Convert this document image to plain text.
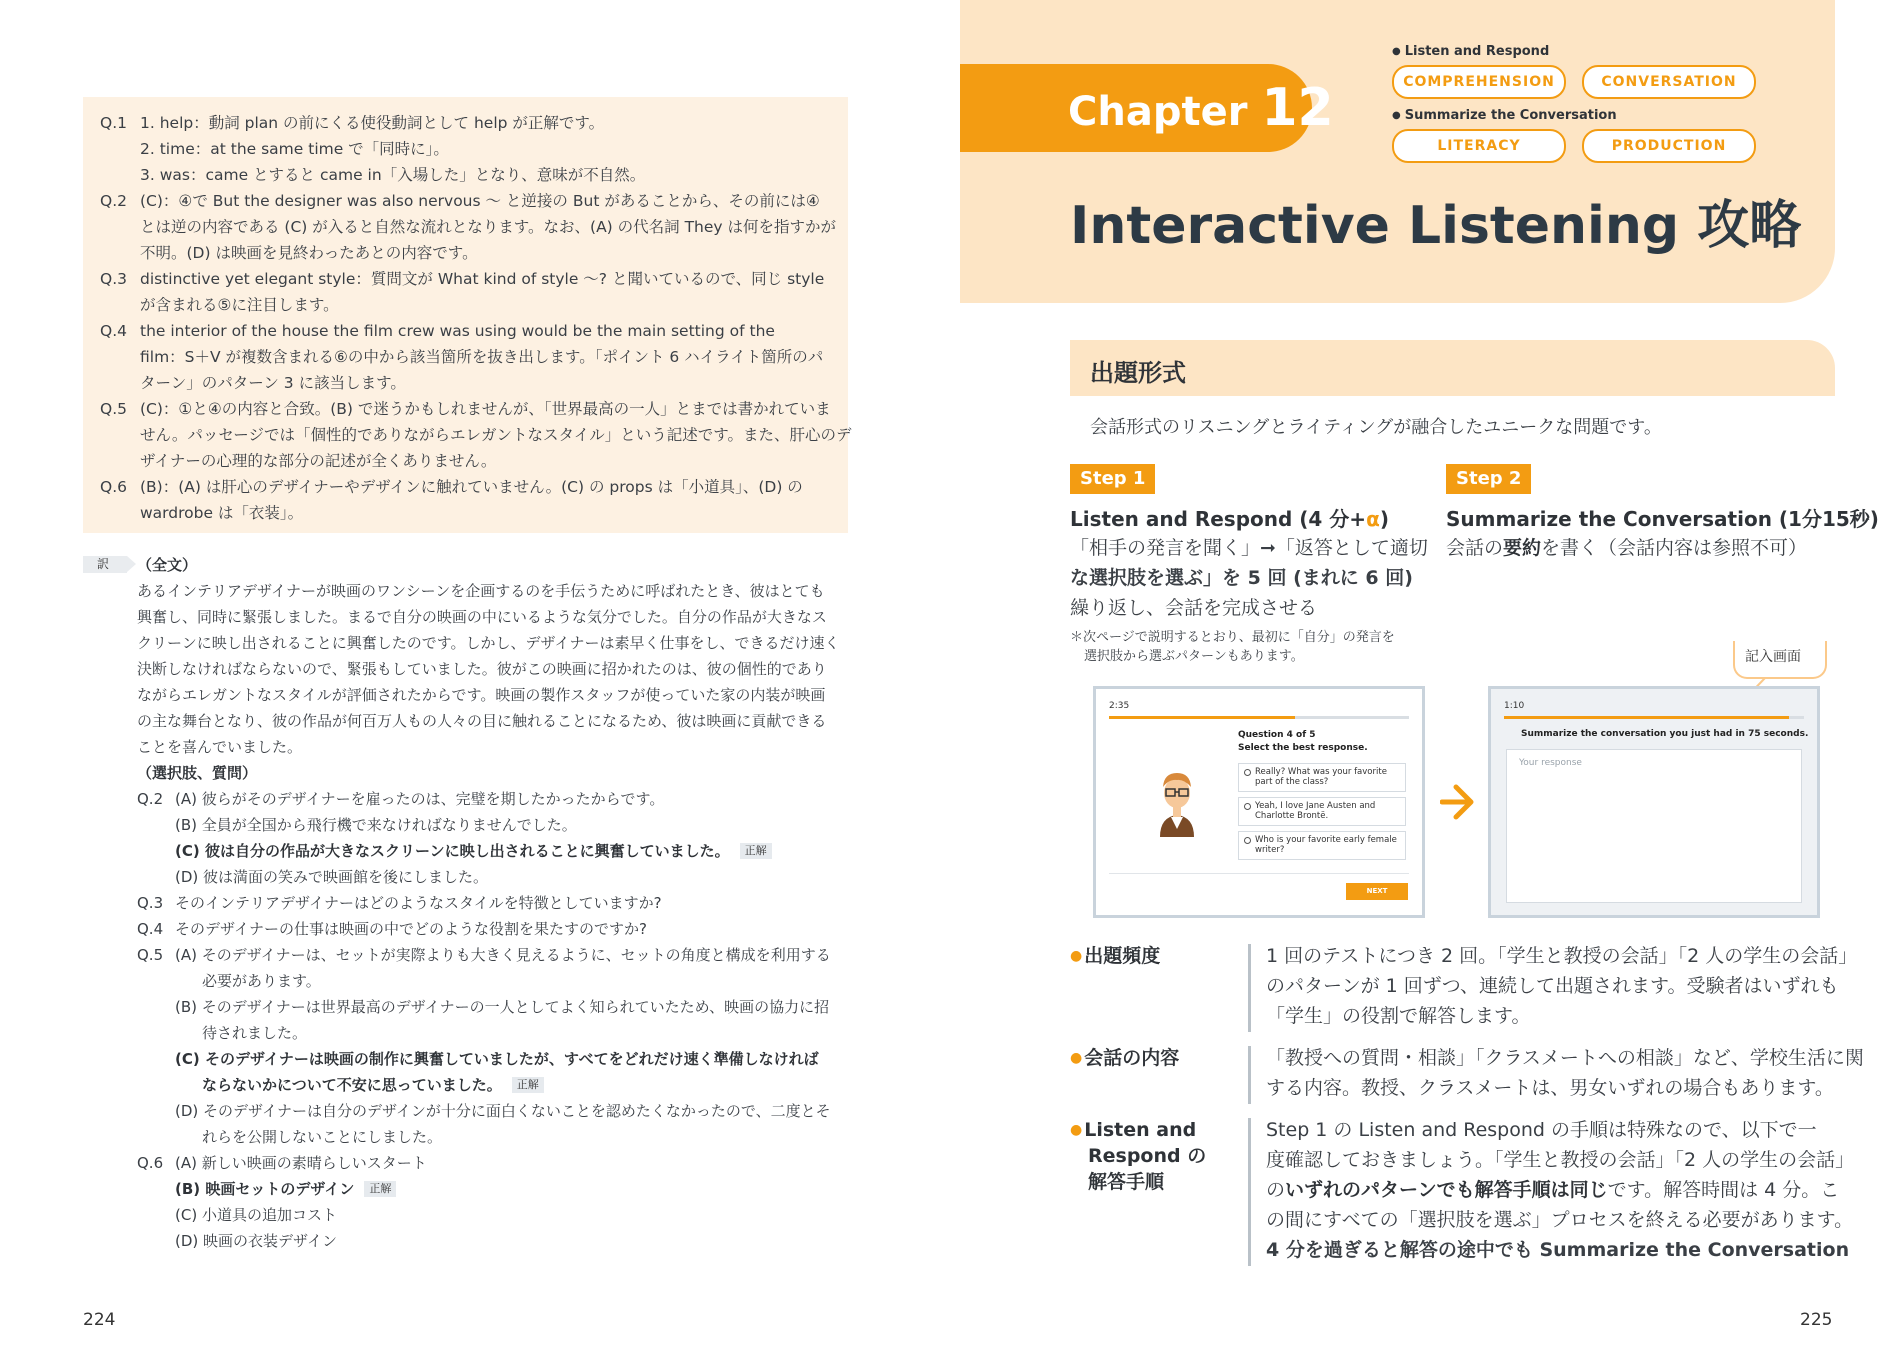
Q.1 1. help：動詞 plan の前にくる使役動詞として help が正解です。
2. time：at the same time で「同時に」。
3. was：came とすると came in「入場した」となり、意味が不自然。
Q.2 (C)：④で But the designer was also nervous ～ と逆接の But があることから、その前には④
とは逆の内容である (C) が入ると自然な流れとなります。なお、(A) の代名詞 They は何を指すかが
不明。(D) は映画を見終わったあとの内容です。
Q.3 distinctive yet elegant style：質問文が What kind of style ～? と聞いているので、同じ style
が含まれる⑤に注目します。
Q.4 the interior of the house the film crew was using would be the main setting of the
film：S＋V が複数含まれる⑥の中から該当箇所を抜き出します。「ポイント 6 ハイライト箇所のパ
ターン」のパターン 3 に該当します。
Q.5 (C)：①と④の内容と合致。(B) で迷うかもしれませんが、「世界最高の一人」とまでは書かれていま
せん。パッセージでは「個性的でありながらエレガントなスタイル」という記述です。また、肝心のデ
ザイナーの心理的な部分の記述が全くありません。
Q.6 (B)：(A) は肝心のデザイナーやデザインに触れていません。(C) の props は「小道具」、(D) の
wardrobe は「衣装」。
訳	（全文）
あるインテリアデザイナーが映画のワンシーンを企画するのを手伝うために呼ばれたとき、彼はとても
興奮し、同時に緊張しました。まるで自分の映画の中にいるような気分でした。自分の作品が大きなス
クリーンに映し出されることに興奮したのです。しかし、デザイナーは素早く仕事をし、できるだけ速く
決断しなければならないので、緊張もしていました。彼がこの映画に招かれたのは、彼の個性的であり
ながらエレガントなスタイルが評価されたからです。映画の製作スタッフが使っていた家の内装が映画
の主な舞台となり、彼の作品が何百万人もの人々の目に触れることになるため、彼は映画に貢献できる
ことを喜んでいました。
（選択肢、質問）
Q.2 (A) 彼らがそのデザイナーを雇ったのは、完璧を期したかったからです。
(B) 全員が全国から飛行機で来なければなりませんでした。
(C) 彼は自分の作品が大きなスクリーンに映し出されることに興奮していました。 正解
(D) 彼は満面の笑みで映画館を後にしました。
Q.3 そのインテリアデザイナーはどのようなスタイルを特徴としていますか?
Q.4 そのデザイナーの仕事は映画の中でどのような役割を果たすのですか?
Q.5 (A) そのデザイナーは、セットが実際よりも大きく見えるように、セットの角度と構成を利用する
必要があります。
(B) そのデザイナーは世界最高のデザイナーの一人としてよく知られていたため、映画の協力に招
待されました。
(C) そのデザイナーは映画の制作に興奮していましたが、すべてをどれだけ速く準備しなければ
ならないかについて不安に思っていました。 正解
(D) そのデザイナーは自分のデザインが十分に面白くないことを認めたくなかったので、二度とそ
れらを公開しないことにしました。
Q.6 (A) 新しい映画の素晴らしいスタート
(B) 映画セットのデザイン 正解
(C) 小道具の追加コスト
(D) 映画の衣装デザイン
224
Chapter 12
● Listen and Respond
COMPREHENSION	CONVERSATION
● Summarize the Conversation
LITERACY	PRODUCTION
Interactive Listening 攻略
出題形式
会話形式のリスニングとライティングが融合したユニークな問題です。
Step 1
Listen and Respond (4 分+α)
「相手の発言を聞く」➞「返答として適切
な選択肢を選ぶ」を 5 回 (まれに 6 回)
繰り返し、会話を完成させる
＊次ページで説明するとおり、最初に「自分」の発言を
選択肢から選ぶパターンもあります。
Step 2
Summarize the Conversation (1分15秒)
会話の要約を書く（会話内容は参照不可）
記入画面
2:35
Question 4 of 5
Select the best response.
Really? What was your favorite part of the class?
Yeah, I love Jane Austen and Charlotte Brontë.
Who is your favorite early female writer?
NEXT
1:10
Summarize the conversation you just had in 75 seconds.
Your response
● 出題頻度	1 回のテストにつき 2 回。「学生と教授の会話」「2 人の学生の会話」
のパターンが 1 回ずつ、連続して出題されます。受験者はいずれも
「学生」の役割で解答します。
● 会話の内容	「教授への質問・相談」「クラスメートへの相談」など、学校生活に関
する内容。教授、クラスメートは、男女いずれの場合もあります。
● Listen and
Respond の
解答手順
Step 1 の Listen and Respond の手順は特殊なので、以下で一
度確認しておきましょう。「学生と教授の会話」「2 人の学生の会話」
のいずれのパターンでも解答手順は同じです。解答時間は 4 分。こ
の間にすべての「選択肢を選ぶ」プロセスを終える必要があります。
4 分を過ぎると解答の途中でも Summarize the Conversation
225
